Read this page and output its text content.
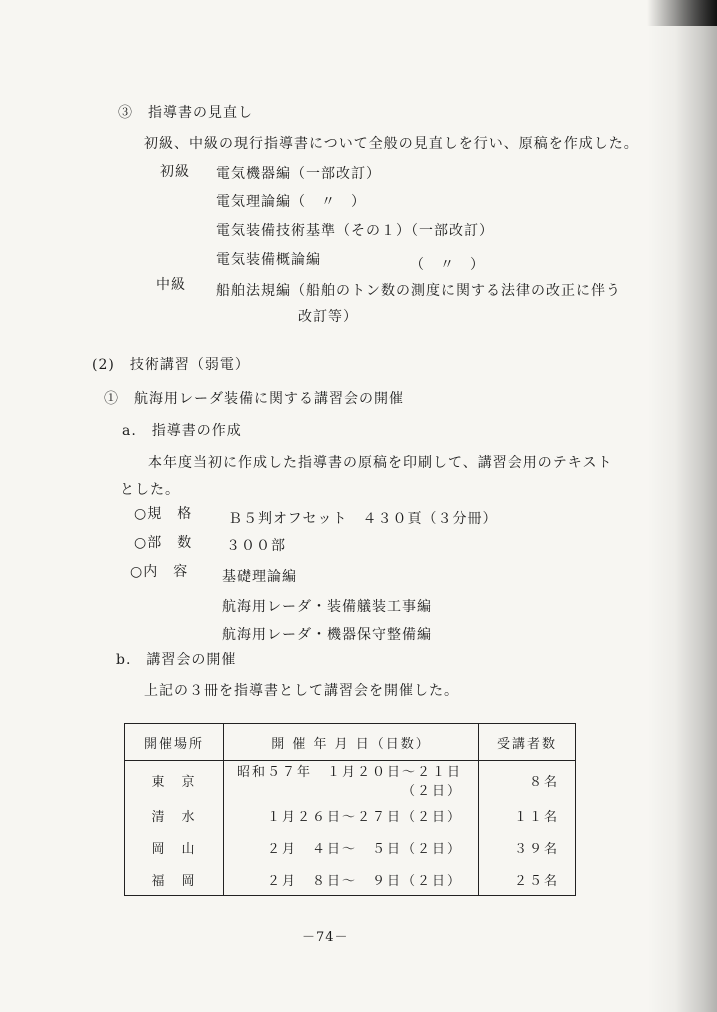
③　指導書の見直し
初級、中級の現行指導書について全般の見直しを行い、原稿を作成した。
初級 電気機器編（一部改訂）
電気理論編（　〃　）
電気装備技術基準（その１）（一部改訂）
電気装備概論編	（　〃　）
中級 船舶法規編（船舶のトン数の測度に関する法律の改正に伴う
改訂等）
(2)　技術講習（弱電）
①　航海用レーダ装備に関する講習会の開催
a.　指導書の作成
本年度当初に作成した指導書の原稿を印刷して、講習会用のテキスト
とした。
○規　格	Ｂ５判オフセット　４３０頁（３分冊）
○部　数 ３００部
○内　容 基礎理論編
航海用レーダ・装備艤装工事編
航海用レーダ・機器保守整備編
b.　講習会の開催
上記の３冊を指導書として講習会を開催した。
開催場所	開 催 年 月 日（日数）	受講者数
東　京	昭和５７年　１月２０日～２１日（２日）	８名
清　水	１月２６日～２７日（２日）	１１名
岡　山	２月　４日～　５日（２日）	３９名
福　岡	２月　８日～　９日（２日）	２５名
－74－
